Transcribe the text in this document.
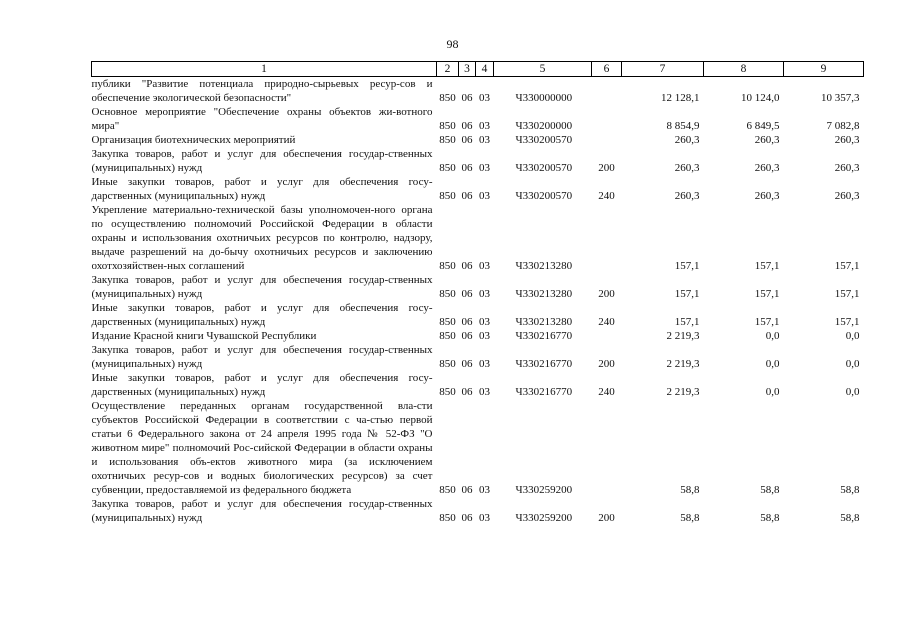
98
1	2	3	4	5	6	7	8	9
публики "Развитие потенциала природно-сырьевых ресур-сов и обеспечение экологической безопасности"	850	06	03	Ч330000000		12 128,1	10 124,0	10 357,3
Основное мероприятие "Обеспечение охраны объектов жи-вотного мира"	850	06	03	Ч330200000		8 854,9	6 849,5	7 082,8
Организация биотехнических мероприятий	850	06	03	Ч330200570		260,3	260,3	260,3
Закупка товаров, работ и услуг для обеспечения государ-ственных (муниципальных) нужд	850	06	03	Ч330200570	200	260,3	260,3	260,3
Иные закупки товаров, работ и услуг для обеспечения госу-дарственных (муниципальных) нужд	850	06	03	Ч330200570	240	260,3	260,3	260,3
Укрепление материально-технической базы уполномочен-ного органа по осуществлению полномочий Российской Федерации в области охраны и использования охотничьих ресурсов по контролю, надзору, выдаче разрешений на до-бычу охотничьих ресурсов и заключению охотхозяйствен-ных соглашений	850	06	03	Ч330213280		157,1	157,1	157,1
Закупка товаров, работ и услуг для обеспечения государ-ственных (муниципальных) нужд	850	06	03	Ч330213280	200	157,1	157,1	157,1
Иные закупки товаров, работ и услуг для обеспечения госу-дарственных (муниципальных) нужд	850	06	03	Ч330213280	240	157,1	157,1	157,1
Издание Красной книги Чувашской Республики	850	06	03	Ч330216770		2 219,3	0,0	0,0
Закупка товаров, работ и услуг для обеспечения государ-ственных (муниципальных) нужд	850	06	03	Ч330216770	200	2 219,3	0,0	0,0
Иные закупки товаров, работ и услуг для обеспечения госу-дарственных (муниципальных) нужд	850	06	03	Ч330216770	240	2 219,3	0,0	0,0
Осуществление переданных органам государственной вла-сти субъектов Российской Федерации в соответствии с ча-стью первой статьи 6 Федерального закона от 24 апреля 1995 года № 52-ФЗ "О животном мире" полномочий Рос-сийской Федерации в области охраны и использования объ-ектов животного мира (за исключением охотничьих ресур-сов и водных биологических ресурсов) за счет субвенции, предоставляемой из федерального бюджета	850	06	03	Ч330259200		58,8	58,8	58,8
Закупка товаров, работ и услуг для обеспечения государ-ственных (муниципальных) нужд	850	06	03	Ч330259200	200	58,8	58,8	58,8
